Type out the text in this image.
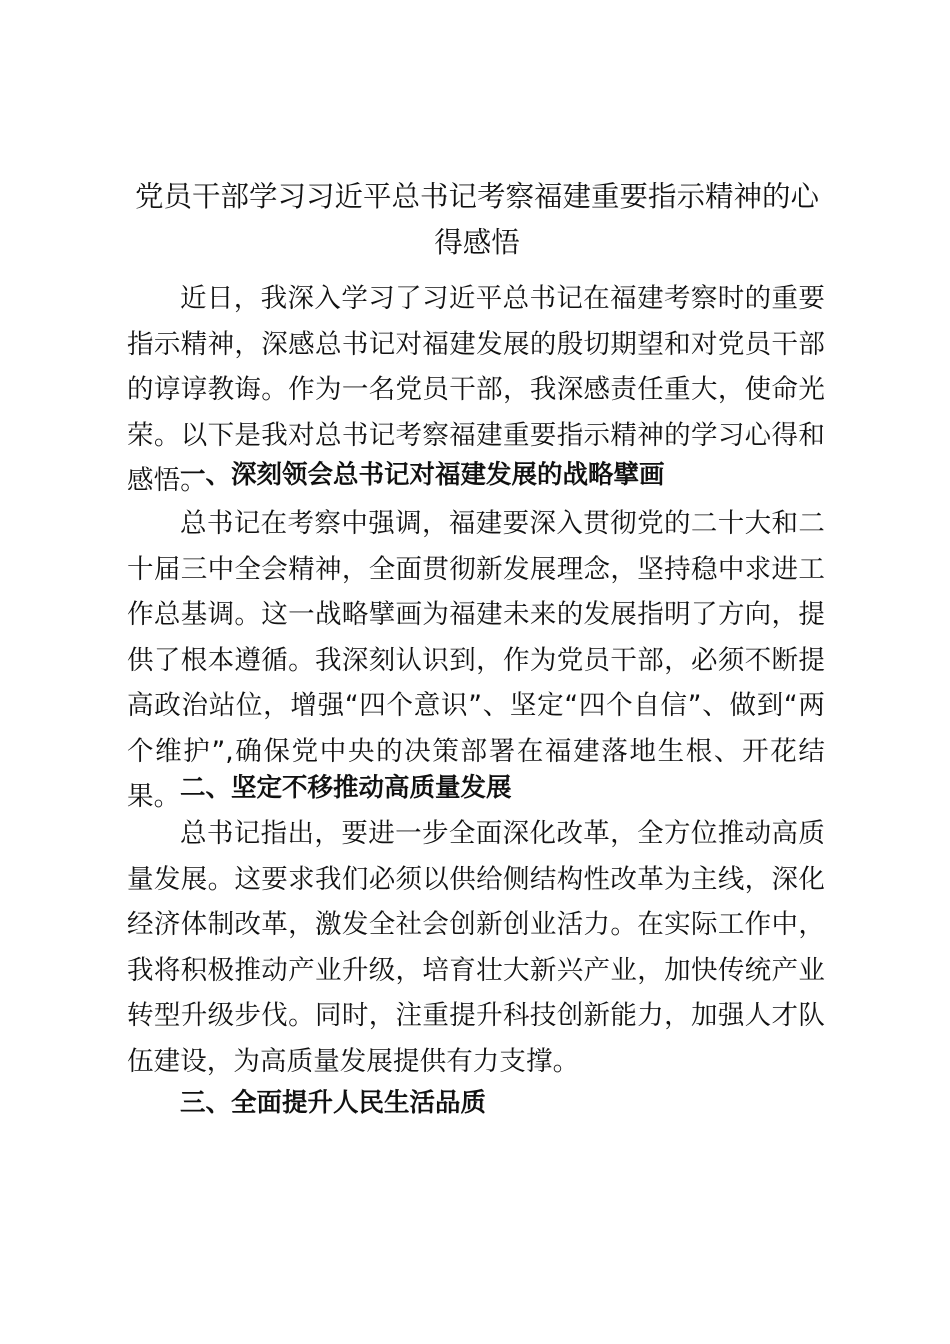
党员干部学习习近平总书记考察福建重要指示精神的心得感悟

近日，我深入学习了习近平总书记在福建考察时的重要指示精神，深感总书记对福建发展的殷切期望和对党员干部的谆谆教诲。作为一名党员干部，我深感责任重大，使命光荣。以下是我对总书记考察福建重要指示精神的学习心得和感悟。

一、深刻领会总书记对福建发展的战略擘画

总书记在考察中强调，福建要深入贯彻党的二十大和二十届三中全会精神，全面贯彻新发展理念，坚持稳中求进工作总基调。这一战略擘画为福建未来的发展指明了方向，提供了根本遵循。我深刻认识到，作为党员干部，必须不断提高政治站位，增强“四个意识”、坚定“四个自信”、做到“两个维护”,确保党中央的决策部署在福建落地生根、开花结果。 二、坚定不移推动高质量发展

总书记指出，要进一步全面深化改革，全方位推动高质量发展。这要求我们必须以供给侧结构性改革为主线，深化经济体制改革，激发全社会创新创业活力。在实际工作中，我将积极推动产业升级，培育壮大新兴产业，加快传统产业转型升级步伐。同时，注重提升科技创新能力，加强人才队伍建设，为高质量发展提供有力支撑。

三、全面提升人民生活品质
